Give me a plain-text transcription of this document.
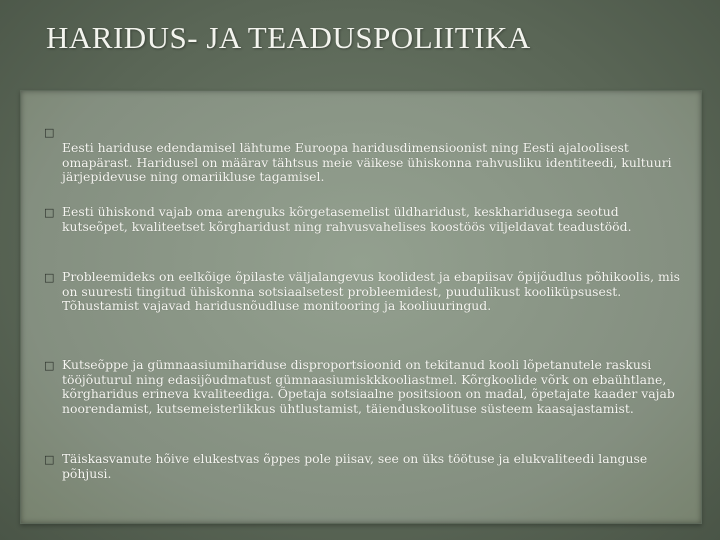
HARIDUS- JA TEADUSPOLIITIKA
□
Eesti hariduse edendamisel lähtume Euroopa haridusdimensioonist ning Eesti ajaloolisest omapärast. Haridusel on määrav tähtsus meie väikese ühiskonna rahvusliku identiteedi, kultuuri järjepidevuse ning omariikluse tagamisel.
□ Eesti ühiskond vajab oma arenguks kõrgetasemelist üldharidust, keskharidusega seotud kutseõpet, kvaliteetset kõrgharidust ning rahvusvahelises koostöös viljeldavat teadustööd.
□ Probleemideks on eelkõige õpilaste väljalangevus koolidest ja ebapiisav õpijõudlus põhikoolis, mis on suuresti tingitud ühiskonna sotsiaalsetest probleemidest, puudulikust kooliküpsusest. Tõhustamist vajavad haridusnõudluse monitooring ja kooliuuringud.
□ Kutseõppe ja gümnaasiumihariduse disproportsioonid on tekitanud kooli lõpetanutele raskusi tööjõuturul ning edasijõudmatust gümnaasiumiskkkooliastmel. Kõrgkoolide võrk on ebaühtlane, kõrgharidus erineva kvaliteediga. Õpetaja sotsiaalne positsioon on madal, õpetajate kaader vajab noorendamist, kutsemeisterlikkus ühtlustamist, täienduskoolituse süsteem kaasajastamist.
□ Täiskasvanute hõive elukestvas õppes pole piisav, see on üks töötuse ja elukvaliteedi languse põhjusi.
